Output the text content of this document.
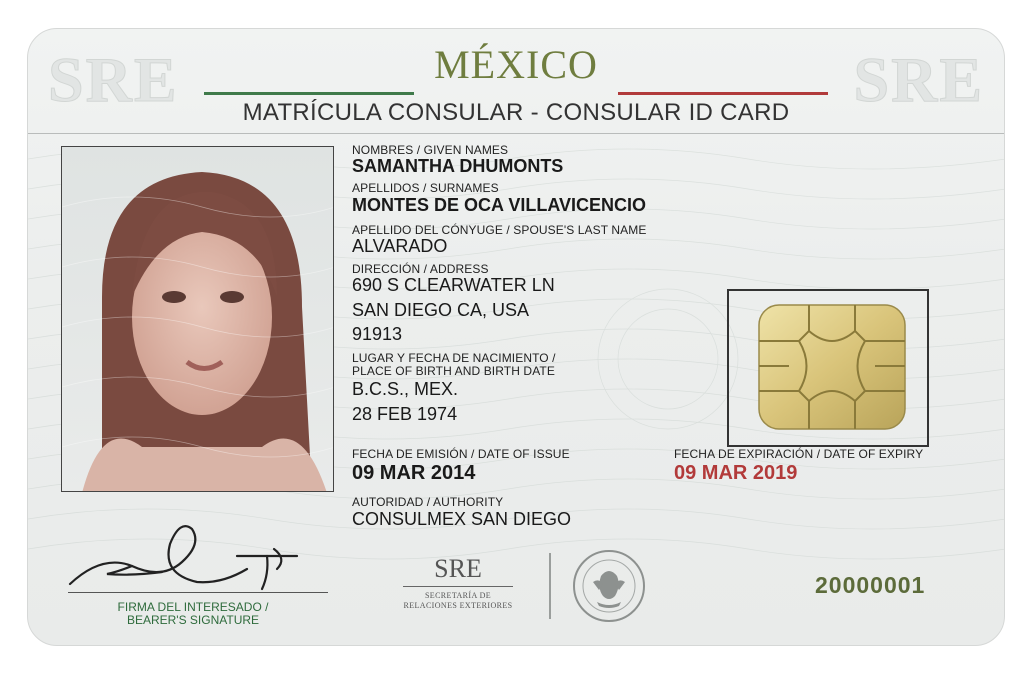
SRE	SRE
MÉXICO
MATRÍCULA CONSULAR - CONSULAR ID CARD
NOMBRES / GIVEN NAMES
SAMANTHA DHUMONTS
APELLIDOS / SURNAMES
MONTES DE OCA VILLAVICENCIO
APELLIDO DEL CÓNYUGE / SPOUSE'S LAST NAME
ALVARADO
DIRECCIÓN / ADDRESS
690 S CLEARWATER LN
SAN DIEGO CA, USA
91913
LUGAR Y FECHA DE NACIMIENTO /
PLACE OF BIRTH AND BIRTH DATE
B.C.S., MEX.
28 FEB 1974
FECHA DE EMISIÓN / DATE OF ISSUE
09 MAR 2014
FECHA DE EXPIRACIÓN / DATE OF EXPIRY
09 MAR 2019
AUTORIDAD / AUTHORITY
CONSULMEX SAN DIEGO
FIRMA DEL INTERESADO /
BEARER'S SIGNATURE
SRE
SECRETARÍA DE
RELACIONES EXTERIORES
20000001
